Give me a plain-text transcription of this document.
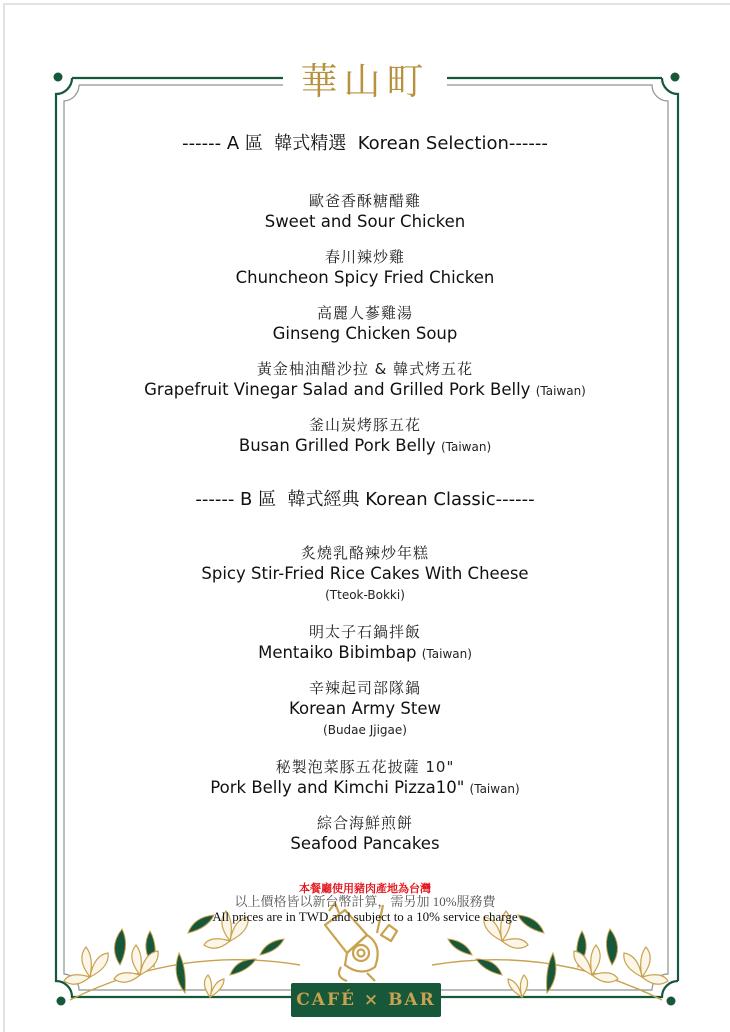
華山町
------ A 區  韓式精選  Korean Selection------
歐爸香酥糖醋雞
Sweet and Sour Chicken
春川辣炒雞
Chuncheon Spicy Fried Chicken
高麗人蔘雞湯
Ginseng Chicken Soup
黃金柚油醋沙拉 & 韓式烤五花
Grapefruit Vinegar Salad and Grilled Pork Belly (Taiwan)
釜山炭烤豚五花
Busan Grilled Pork Belly (Taiwan)
------ B 區  韓式經典 Korean Classic------
炙燒乳酪辣炒年糕
Spicy Stir-Fried Rice Cakes With Cheese
(Tteok-Bokki)
明太子石鍋拌飯
Mentaiko Bibimbap (Taiwan)
辛辣起司部隊鍋
Korean Army Stew
(Budae Jjigae)
秘製泡菜豚五花披薩 10"
Pork Belly and Kimchi Pizza10" (Taiwan)
綜合海鮮煎餅
Seafood Pancakes
本餐廳使用豬肉產地為台灣
以上價格皆以新台幣計算，需另加 10%服務費
All prices are in TWD and subject to a 10% service charge
CAFÉ × BAR
